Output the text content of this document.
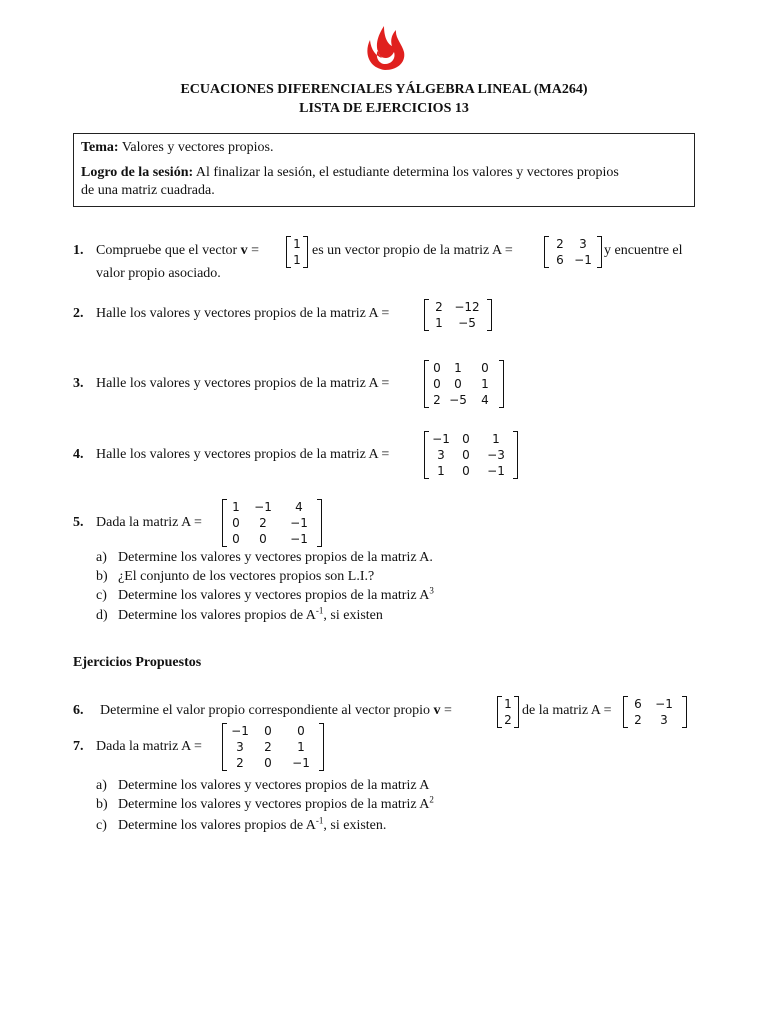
ECUACIONES DIFERENCIALES YÁLGEBRA LINEAL (MA264)
LISTA DE EJERCICIOS 13

Tema: Valores y vectores propios.

Logro de la sesión: Al finalizar la sesión, el estudiante determina los valores y vectores propios

de una matriz cuadrada.

1. Compruebe que el vector v =	1
1
es un vector propio de la matriz A =	2	3
6 −1
y encuentre el
valor propio asociado.
2. Halle los valores y vectores propios de la matriz A =	2 −12
1	−5
3. Halle los valores y vectores propios de la matriz A =
0	1	0
0	0	1
2 −5	4
4. Halle los valores y vectores propios de la matriz A =
−1	0	1
3	0	−3
1	0	−1
5. Dada la matriz A =
1	−1	4
0	2	−1
0	0	−1
a) Determine los valores y vectores propios de la matriz A.
b) ¿El conjunto de los vectores propios son L.I.?
c) Determine los valores y vectores propios de la matriz $A^3$
d) Determine los valores propios de $A^{-1}$, si existen
Ejercicios Propuestos
6. Determine el valor propio correspondiente al vector propio v =	1
2
de la matriz A =	6	−1
2	3
7. Dada la matriz A =
−1	0	0
3	2	1
2	0	−1
a) Determine los valores y vectores propios de la matriz A
b) Determine los valores y vectores propios de la matriz $A^2$
c) Determine los valores propios de $A^{-1}$, si existen.
